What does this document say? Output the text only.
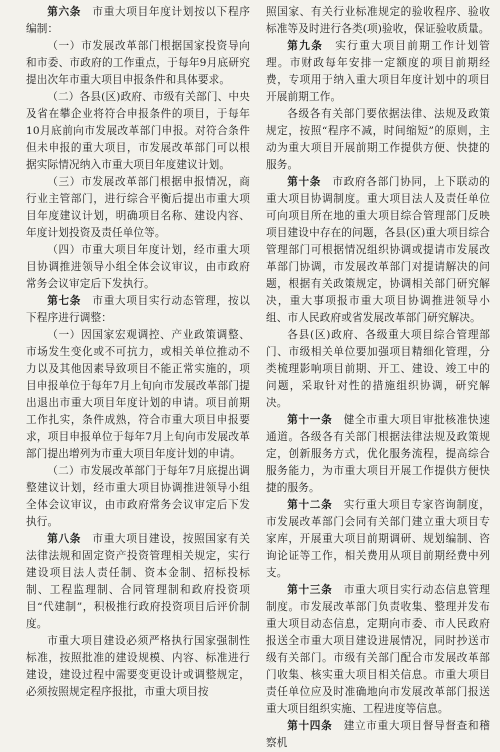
第六条　 市重大项目年度计划按以下程序编制：

（一）市发展改革部门根据国家投资导向和市委、市政府的工作重点，于每年9月底研究提出次年市重大项目申报条件和具体要求。

（二）各县(区)政府、市级有关部门、中央及省在攀企业将符合申报条件的项目，于每年10月底前向市发展改革部门申报。对符合条件但未申报的重大项目，市发展改革部门可以根据实际情况纳入市重大项目年度建议计划。

（三）市发展改革部门根据申报情况，商行业主管部门，进行综合平衡后提出市重大项目年度建议计划，明确项目名称、建设内容、年度计划投资及责任单位等。

（四）市重大项目年度计划，经市重大项目协调推进领导小组全体会议审议，由市政府常务会议审定后下发执行。

第七条　 市重大项目实行动态管理，按以下程序进行调整：

（一）因国家宏观调控、产业政策调整、市场发生变化或不可抗力，或相关单位推动不力以及其他因素导致项目不能正常实施的，项目申报单位于每年7月上旬向市发展改革部门提出退出市重大项目年度计划的申请。项目前期工作扎实，条件成熟，符合市重大项目申报要求，项目申报单位于每年7月上旬向市发展改革部门提出增列为市重大项目年度计划的申请。

（二）市发展改革部门于每年7月底提出调整建议计划，经市重大项目协调推进领导小组全体会议审议，由市政府常务会议审定后下发执行。

第八条　 市重大项目建设，按照国家有关法律法规和固定资产投资管理相关规定，实行建设项目法人责任制、资本金制、招标投标制、工程监理制、合同管理制和政府投资项目“代建制”，积极推行政府投资项目后评价制度。

市重大项目建设必须严格执行国家强制性标准，按照批准的建设规模、内容、标准进行建设，建设过程中需要变更设计或调整规定，必须按照规定程序报批，市重大项目按

照国家、有关行业标准规定的验收程序、验收标准等及时进行各类(项)验收，保证验收质量。

第九条　 实行重大项目前期工作计划管理。市财政每年安排一定额度的项目前期经费，专项用于纳入重大项目年度计划中的项目开展前期工作。

各级各有关部门要依据法律、法规及政策规定，按照“程序不减，时间缩短”的原则，主动为重大项目开展前期工作提供方便、快捷的服务。

第十条　 市政府各部门协同，上下联动的重大项目协调制度。重大项目法人及责任单位可向项目所在地的重大项目综合管理部门反映项目建设中存在的问题，各县(区)重大项目综合管理部门可根据情况组织协调或提请市发展改革部门协调，市发展改革部门对提请解决的问题，根据有关政策规定，协调相关部门研究解决，重大事项报市重大项目协调推进领导小组、市人民政府或省发展改革部门研究解决。

各县(区)政府、各级重大项目综合管理部门、市级相关单位要加强项目精细化管理，分类梳理影响项目前期、开工、建设、竣工中的问题，采取针对性的措施组织协调，研究解决。

第十一条　 健全市重大项目审批核准快速通道。各级各有关部门根据法律法规及政策规定，创新服务方式，优化服务流程，提高综合服务能力，为市重大项目开展工作提供方便快捷的服务。

第十二条　 实行重大项目专家咨询制度，市发展改革部门会同有关部门建立重大项目专家库，开展重大项目前期调研、规划编制、咨询论证等工作，相关费用从项目前期经费中列支。

第十三条　 市重大项目实行动态信息管理制度。市发展改革部门负责收集、整理并发布重大项目动态信息，定期向市委、市人民政府报送全市重大项目建设进展情况，同时抄送市级有关部门。市级有关部门配合市发展改革部门收集、核实重大项目相关信息。市重大项目责任单位应及时准确地向市发展改革部门报送重大项目组织实施、工程进度等信息。

第十四条　 建立市重大项目督导督查和稽察机
